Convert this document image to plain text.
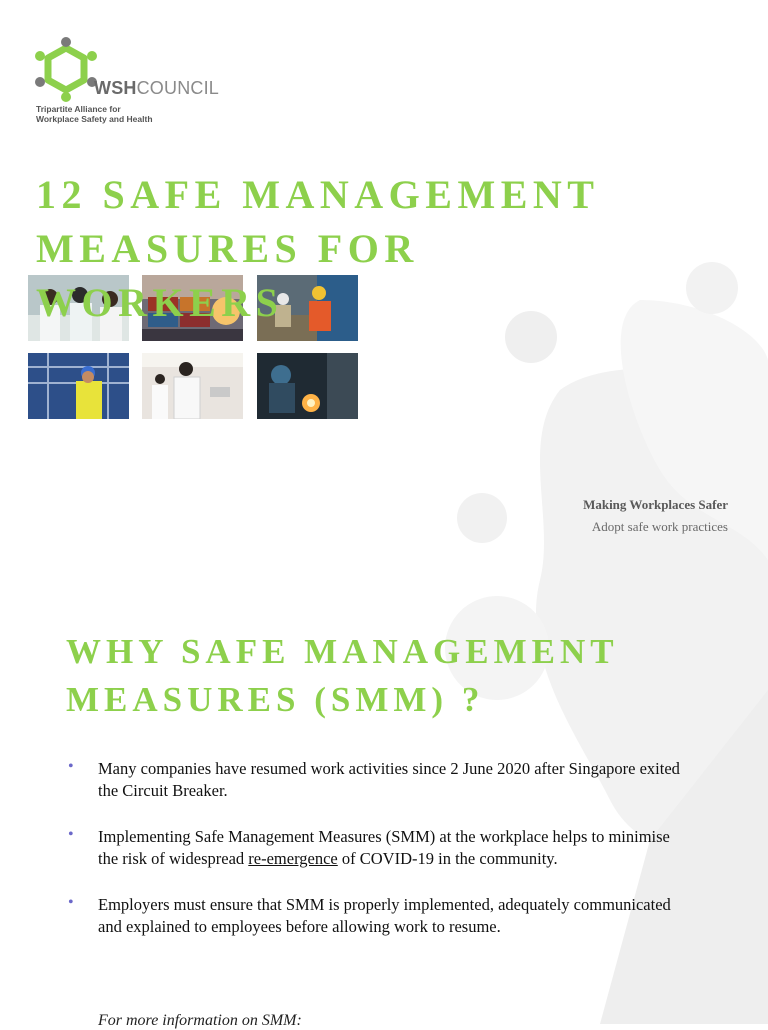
WSHCOUNCIL
Tripartite Alliance for
Workplace Safety and Health
12 SAFE MANAGEMENT
MEASURES FOR
WORKERS
Making Workplaces Safer
Adopt safe work practices
WHY SAFE MANAGEMENT
MEASURES (SMM) ?
• Many companies have resumed work activities since 2 June 2020 after Singapore exited the Circuit Breaker.
• Implementing Safe Management Measures (SMM) at the workplace helps to minimise the risk of widespread re-emergence of COVID-19 in the community.
• Employers must ensure that SMM is properly implemented, adequately communicated and explained to employees before allowing work to resume.
For more information on SMM:
